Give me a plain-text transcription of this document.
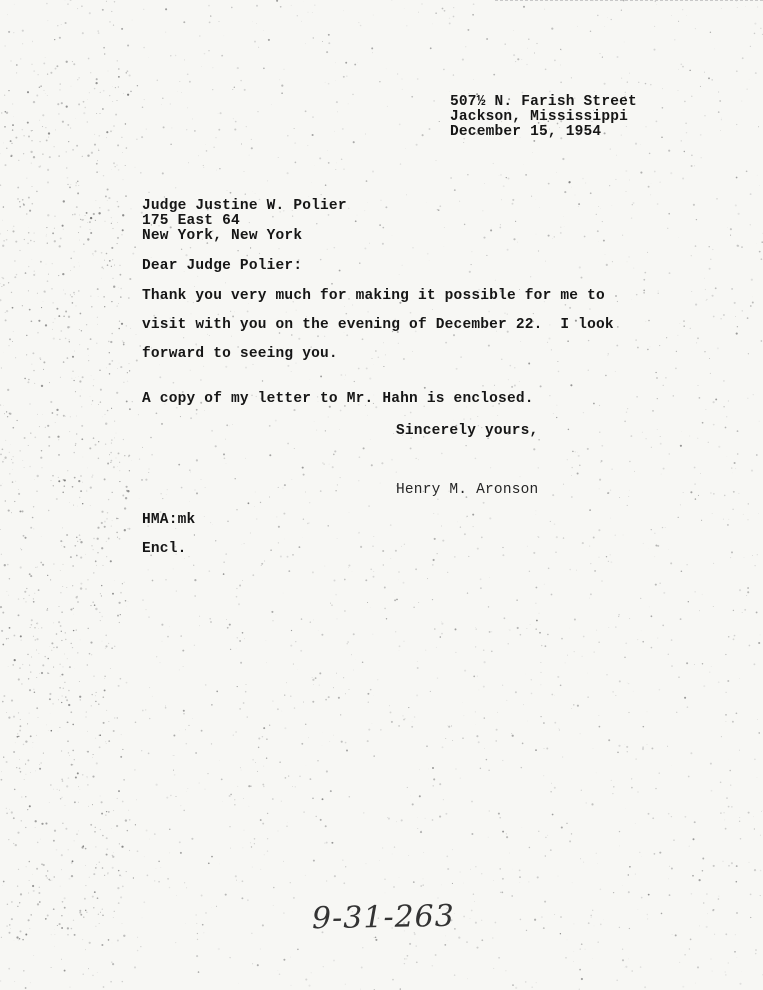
507½ N. Farish Street
Jackson, Mississippi
December 15, 1954
Judge Justine W. Polier
175 East 64
New York, New York
Dear Judge Polier:
Thank you very much for making it possible for me to
visit with you on the evening of December 22.  I look
forward to seeing you.
A copy of my letter to Mr. Hahn is enclosed.
Sincerely yours,
Henry M. Aronson
HMA:mk
Encl.
9-31-263
